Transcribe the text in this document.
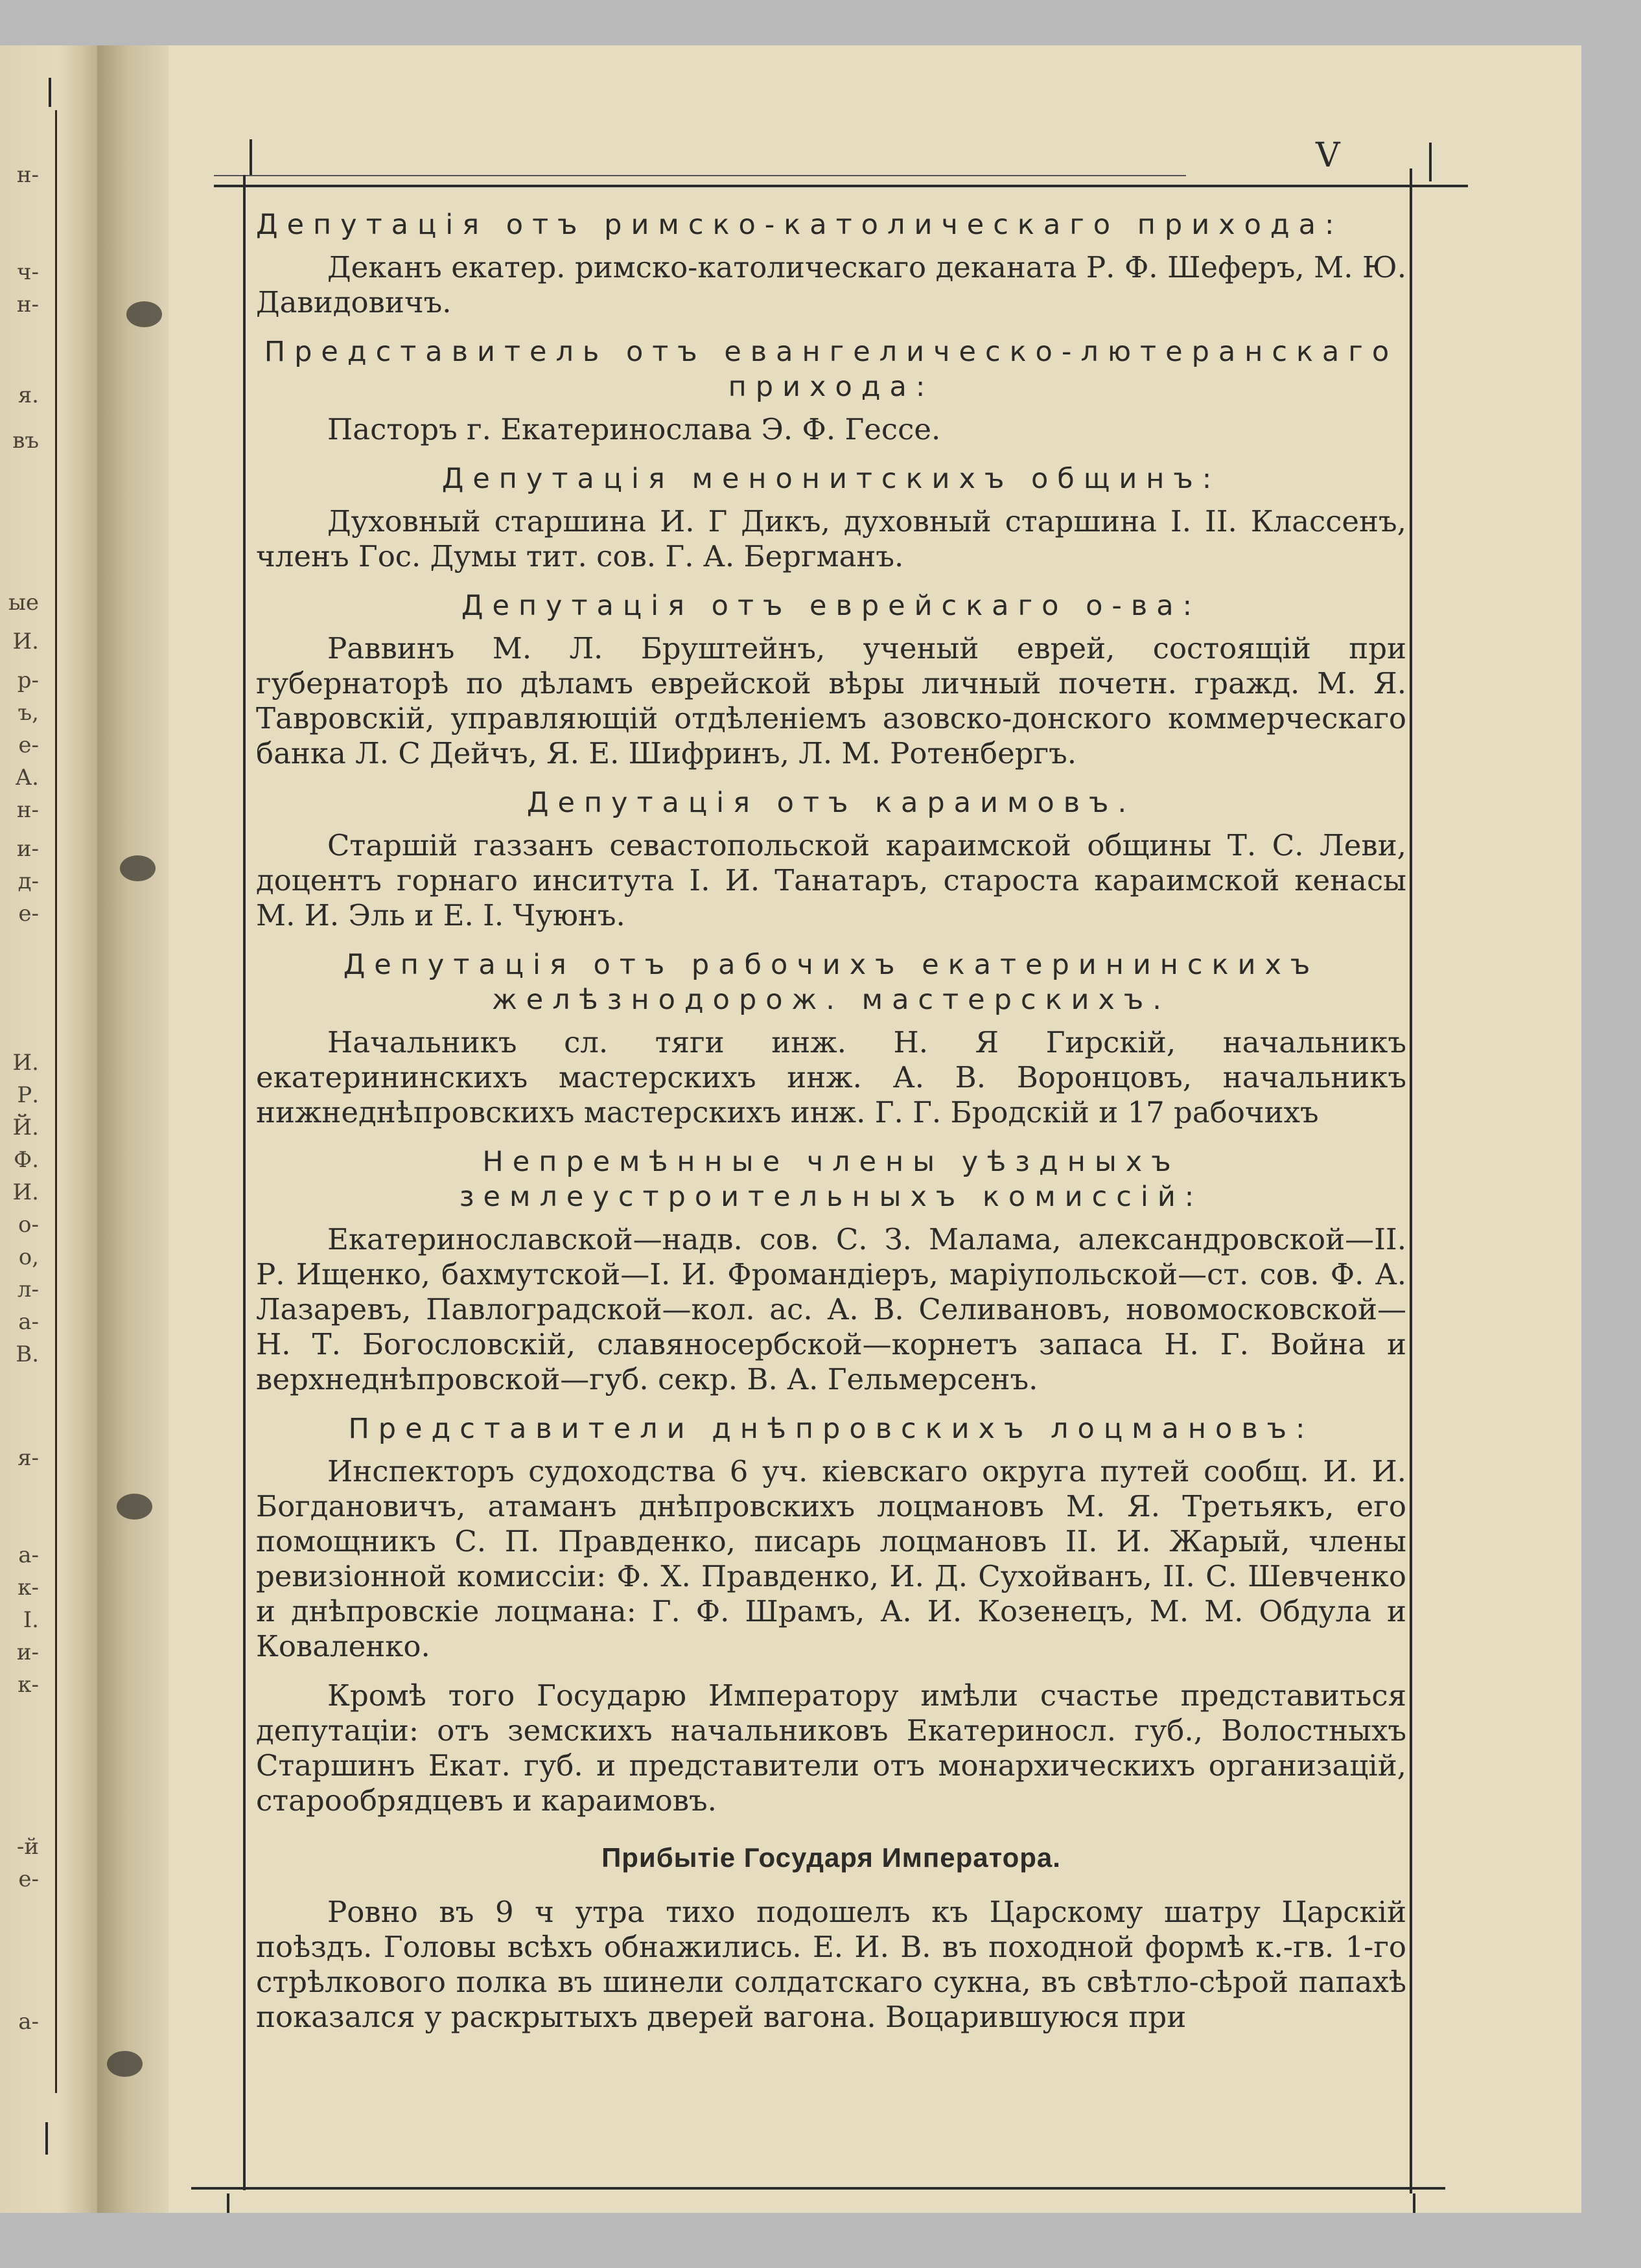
н-
ч-
н-
я.
въ
ые
И.
р-
ъ,
е-
А.
н-
и-
д-
е-
И.
Р.
Й.
Ф.
И.
о-
о,
л-
а-
В.
я-
а-
к-
I.
и-
к-
-й
е-
а-
V
Депутація отъ римско-католическаго прихода:

Деканъ екатер. римско-католическаго деканата Р. Ф. Шеферъ, М. Ю. Давидовичъ.

Представитель отъ евангелическо-лютеранскаго прихода:

Пасторъ г. Екатеринослава Э. Ф. Гессе.

Депутація менонитскихъ общинъ:

Духовный старшина И. Г Дикъ, духовный старшина I. II. Классенъ, членъ Гос. Думы тит. сов. Г. А. Бергманъ.

Депутація отъ еврейскаго о-ва:

Раввинъ М. Л. Бруштейнъ, ученый еврей, состоящій при губернаторѣ по дѣламъ еврейской вѣры личный почетн. гражд. М. Я. Тавровскій, управляющій отдѣленіемъ азовско-донского коммерческаго банка Л. С Дейчъ, Я. Е. Шифринъ, Л. М. Ротенбергъ.

Депутація отъ караимовъ.

Старшій газзанъ севастопольской караимской общины Т. С. Леви, доцентъ горнаго инситута I. И. Танатаръ, староста караимской кенасы М. И. Эль и Е. I. Чуюнъ.

Депутація отъ рабочихъ екатерининскихъ желѣзнодорож. мастерскихъ.

Начальникъ сл. тяги инж. Н. Я Гирскій, начальникъ екатерининскихъ мастерскихъ инж. А. В. Воронцовъ, начальникъ нижнеднѣпровскихъ мастерскихъ инж. Г. Г. Бродскій и 17 рабочихъ

Непремѣнные члены уѣздныхъ землеустроительныхъ комиссій:

Екатеринославской—надв. сов. С. З. Малама, александровской—II. Р. Ищенко, бахмутской—I. И. Фромандіеръ, маріупольской—ст. сов. Ф. А. Лазаревъ, Павлоградской—кол. ас. А. В. Селивановъ, новомосковской—Н. Т. Богословскій, славяносербской—корнетъ запаса Н. Г. Война и верхнеднѣпровской—губ. секр. В. А. Гельмерсенъ.

Представители днѣпровскихъ лоцмановъ:

Инспекторъ судоходства 6 уч. кіевскаго округа путей сообщ. И. И. Богдановичъ, атаманъ днѣпровскихъ лоцмановъ М. Я. Третьякъ, его помощникъ С. П. Правденко, писарь лоцмановъ II. И. Жарый, члены ревизіонной комиссіи: Ф. Х. Правденко, И. Д. Сухойванъ, II. С. Шевченко и днѣпровскіе лоцмана: Г. Ф. Шрамъ, А. И. Козенецъ, М. М. Обдула и Коваленко.

Кромѣ того Государю Императору имѣли счастье представиться депутаціи: отъ земскихъ начальниковъ Екатериносл. губ., Волостныхъ Старшинъ Екат. губ. и представители отъ монархическихъ организацій, старообрядцевъ и караимовъ.

Прибытіе Государя Императора.

Ровно въ 9 ч утра тихо подошелъ къ Царскому шатру Царскій поѣздъ. Головы всѣхъ обнажились. Е. И. В. въ походной формѣ к.-гв. 1-го стрѣлкового полка въ шинели солдатскаго сукна, въ свѣтло-сѣрой папахѣ показался у раскрытыхъ дверей вагона. Воцарившуюся при
